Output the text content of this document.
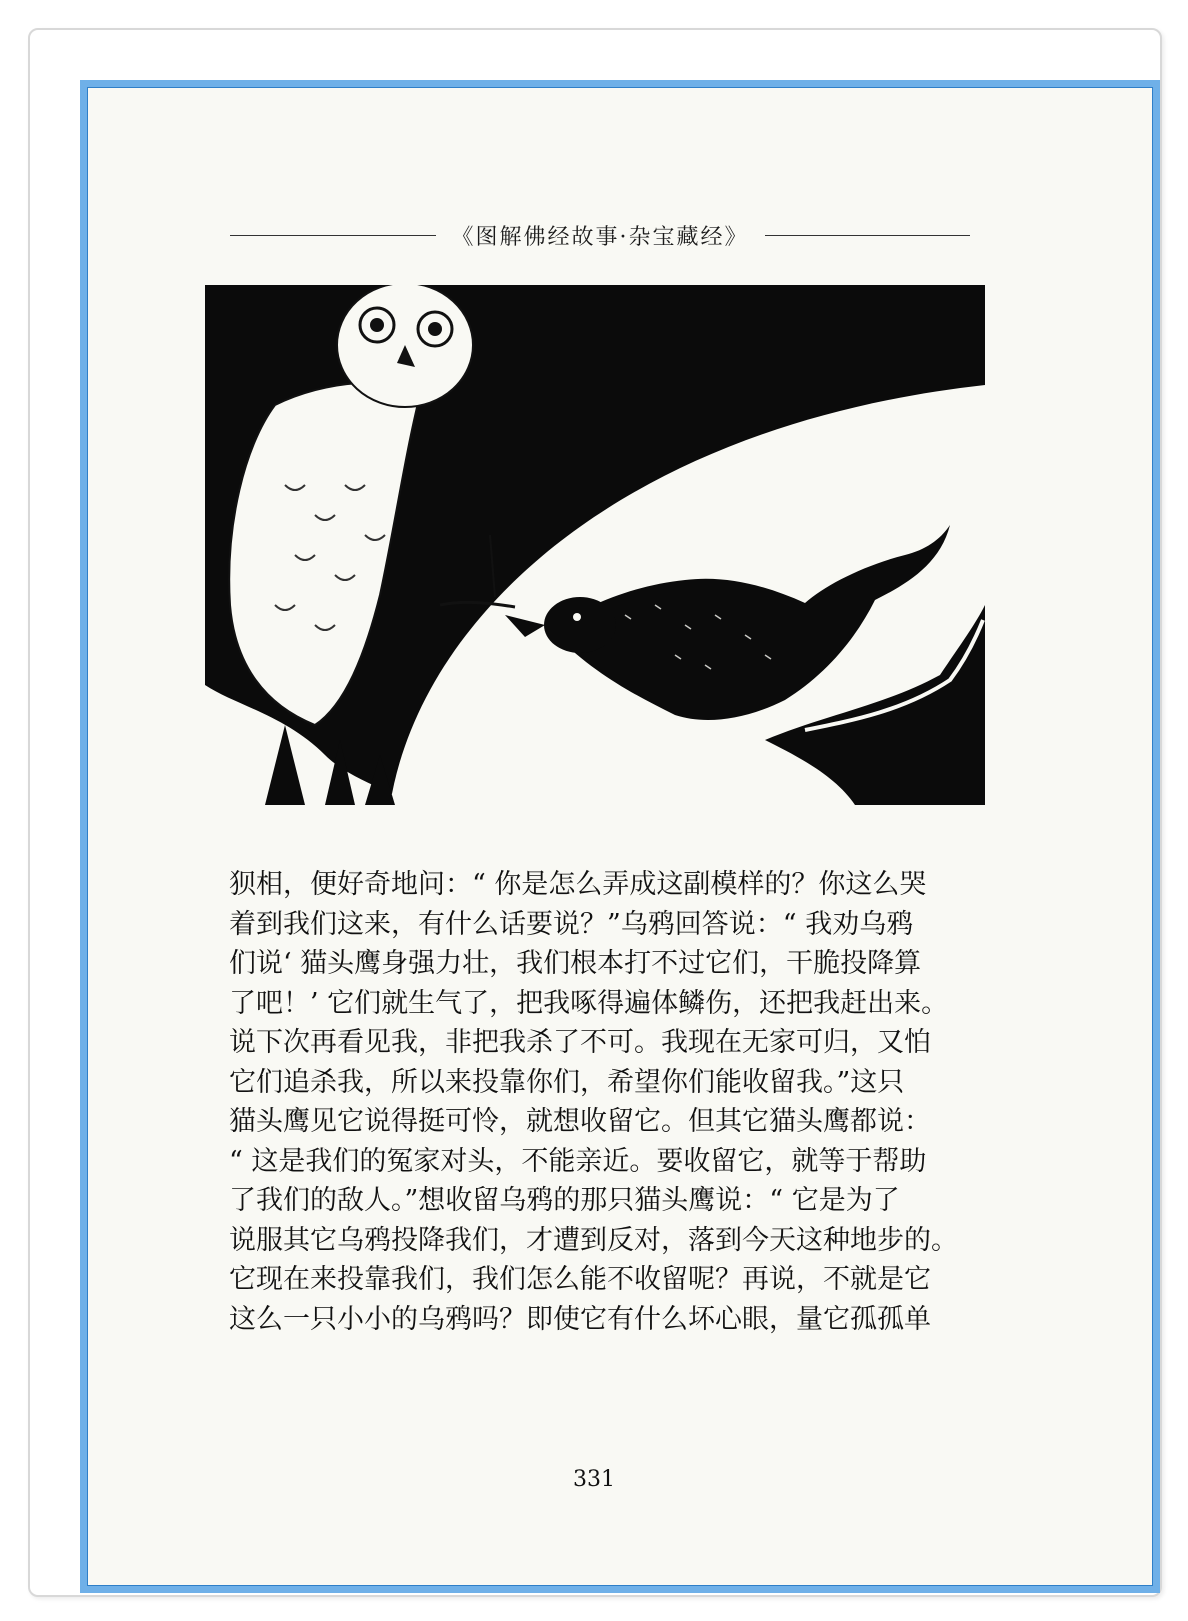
《图解佛经故事·杂宝藏经》
狈相，便好奇地问：“ 你是怎么弄成这副模样的？你这么哭
着到我们这来，有什么话要说？”乌鸦回答说：“ 我劝乌鸦
们说‘ 猫头鹰身强力壮，我们根本打不过它们，干脆投降算
了吧！’ 它们就生气了，把我啄得遍体鳞伤，还把我赶出来。
说下次再看见我，非把我杀了不可。我现在无家可归，又怕
它们追杀我，所以来投靠你们，希望你们能收留我。”这只
猫头鹰见它说得挺可怜，就想收留它。但其它猫头鹰都说：
“ 这是我们的冤家对头，不能亲近。要收留它，就等于帮助
了我们的敌人。”想收留乌鸦的那只猫头鹰说：“ 它是为了
说服其它乌鸦投降我们，才遭到反对，落到今天这种地步的。
它现在来投靠我们，我们怎么能不收留呢？再说，不就是它
这么一只小小的乌鸦吗？即使它有什么坏心眼，量它孤孤单
331
